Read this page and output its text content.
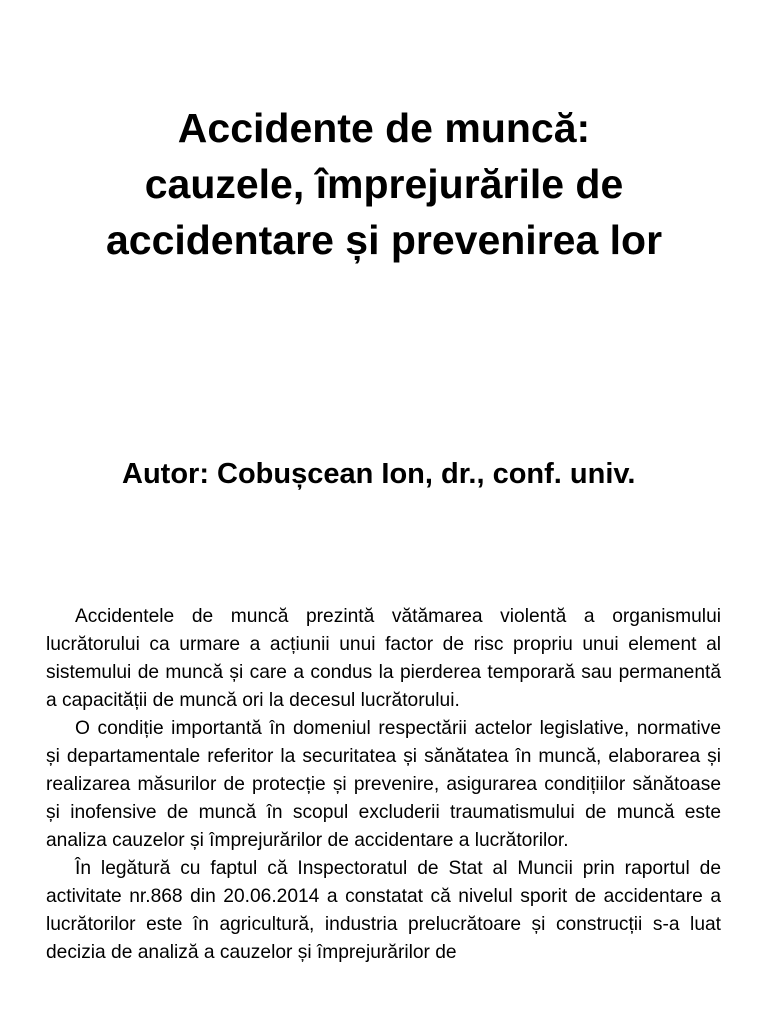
Accidente de muncă:
cauzele, împrejurările de
accidentare și prevenirea lor

Autor: Cobușcean Ion, dr., conf. univ.

Accidentele de muncă prezintă vătămarea violentă a organismului lucrătorului ca urmare a acțiunii unui factor de risc propriu unui element al sistemului de muncă și care a condus la pierderea temporară sau permanentă a capacității de muncă ori la decesul lucrătorului.

O condiție importantă în domeniul respectării actelor legislative, normative și departamentale referitor la securitatea și sănătatea în muncă, elaborarea și realizarea măsurilor de protecție și prevenire, asigurarea condițiilor sănătoase și inofensive de muncă în scopul excluderii traumatismului de muncă este analiza cauzelor și împrejurărilor de accidentare a lucrătorilor.

În legătură cu faptul că Inspectoratul de Stat al Muncii prin raportul de activitate nr.868 din 20.06.2014 a constatat că nivelul sporit de accidentare a lucrătorilor este în agricultură, industria prelucrătoare și construcții s-a luat decizia de analiză a cauzelor și împrejurărilor de
